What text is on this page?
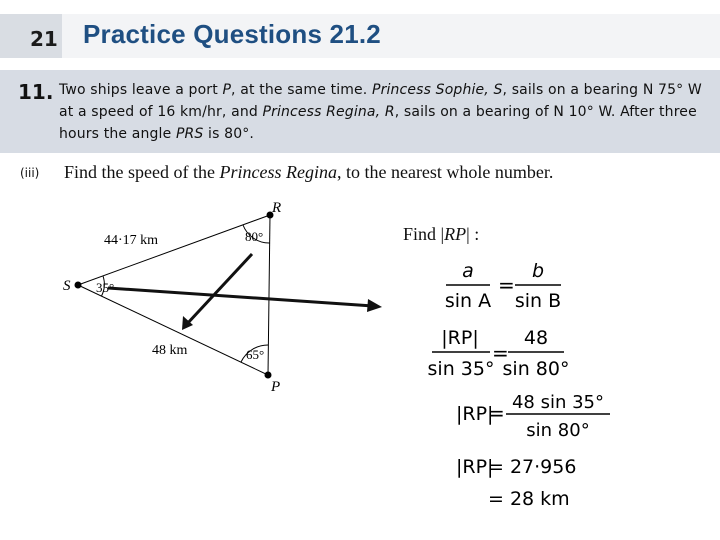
21 Practice Questions 21.2
11. Two ships leave a port P, at the same time. Princess Sophie, S, sails on a bearing N 75° W at a speed of 16 km/hr, and Princess Regina, R, sails on a bearing of N 10° W. After three hours the angle PRS is 80°.
(iii) Find the speed of the Princess Regina, to the nearest whole number.
R
S
P
80°
35°
65°
44·17 km
48 km
Find |RP| :
a
sin A
=
b
sin B
|RP|
sin 35°
=
48
sin 80°
|RP|
= 48 sin 35°
sin 80°
|RP|
= 27·956
= 28 km
